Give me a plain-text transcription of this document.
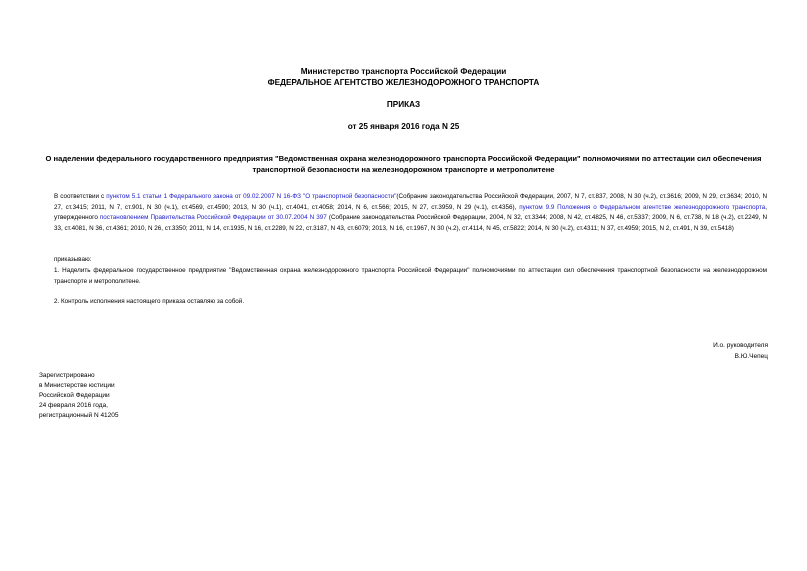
Министерство транспорта Российской Федерации
ФЕДЕРАЛЬНОЕ АГЕНТСТВО ЖЕЛЕЗНОДОРОЖНОГО ТРАНСПОРТА
ПРИКАЗ
от 25 января 2016 года N 25
О наделении федерального государственного предприятия "Ведомственная охрана железнодорожного транспорта Российской Федерации" полномочиями по аттестации сил обеспечения транспортной безопасности на железнодорожном транспорте и метрополитене
В соответствии с пунктом 5.1 статьи 1 Федерального закона от 09.02.2007 N 16-ФЗ "О транспортной безопасности"(Собрание законодательства Российской Федерации, 2007, N 7, ст.837, 2008, N 30 (ч.2), ст.3616; 2009, N 29, ст.3634; 2010, N 27, ст.3415; 2011, N 7, ст.901, N 30 (ч.1), ст.4569, ст.4590; 2013, N 30 (ч.1), ст.4041, ст.4058; 2014, N 6, ст.566; 2015, N 27, ст.3959, N 29 (ч.1), ст.4356), пунктом 9.9 Положения о Федеральном агентстве железнодорожного транспорта, утвержденного постановлением Правительства Российской Федерации от 30.07.2004 N 397 (Собрание законодательства Российской Федерации, 2004, N 32, ст.3344; 2008, N 42, ст.4825, N 46, ст.5337; 2009, N 6, ст.738, N 18 (ч.2), ст.2249, N 33, ст.4081, N 36, ст.4361; 2010, N 26, ст.3350; 2011, N 14, ст.1935, N 16, ст.2289, N 22, ст.3187, N 43, ст.6079; 2013, N 16, ст.1967, N 30 (ч.2), ст.4114, N 45, ст.5822; 2014, N 30 (ч.2), ст.4311; N 37, ст.4959; 2015, N 2, ст.491, N 39, ст.5418)
приказываю:
1. Наделить федеральное государственное предприятие "Ведомственная охрана железнодорожного транспорта Российской Федерации" полномочиями по аттестации сил обеспечения транспортной безопасности на железнодорожном транспорте и метрополитене.
2. Контроль исполнения настоящего приказа оставляю за собой.
И.о. руководителя
В.Ю.Чепец
Зарегистрировано
в Министерстве юстиции
Российской Федерации
24 февраля 2016 года,
регистрационный N 41205
